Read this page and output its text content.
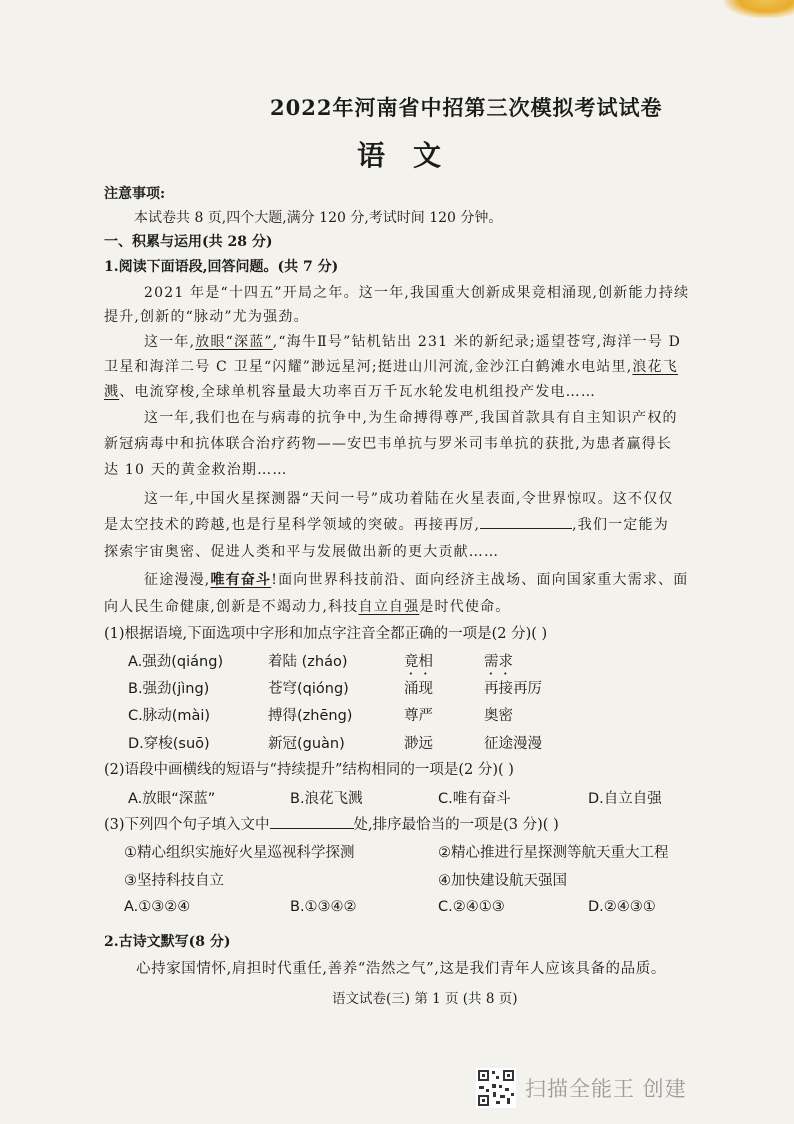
2022年河南省中招第三次模拟考试试卷
语文
注意事项:
本试卷共 8 页,四个大题,满分 120 分,考试时间 120 分钟。
一、积累与运用(共 28 分)
1.阅读下面语段,回答问题。(共 7 分)
2021 年是“十四五”开局之年。这一年,我国重大创新成果竞相涌现,创新能力持续
提升,创新的“脉动”尤为强劲。
这一年,放眼“深蓝”,“海牛Ⅱ号”钻机钻出 231 米的新纪录;遥望苍穹,海洋一号 D
卫星和海洋二号 C 卫星“闪耀”渺远星河;挺进山川河流,金沙江白鹤滩水电站里,浪花飞
溅、电流穿梭,全球单机容量最大功率百万千瓦水轮发电机组投产发电……
这一年,我们也在与病毒的抗争中,为生命搏得尊严,我国首款具有自主知识产权的
新冠病毒中和抗体联合治疗药物——安巴韦单抗与罗米司韦单抗的获批,为患者赢得长
达 10 天的黄金救治期……
这一年,中国火星探测器“天问一号”成功着陆在火星表面,令世界惊叹。这不仅仅
是太空技术的跨越,也是行星科学领域的突破。再接再厉,	,我们一定能为
探索宇宙奥密、促进人类和平与发展做出新的更大贡献……
征途漫漫,唯有奋斗!面向世界科技前沿、面向经济主战场、面向国家重大需求、面
向人民生命健康,创新是不竭动力,科技自立自强是时代使命。
(1)根据语境,下面选项中字形和加点字注音全都正确的一项是(2 分)( )
A.强劲(qiáng)	着陆 (zháo)	竟相	需求
B.强劲(jìng)	苍穹(qióng)	涌现	再接再厉
C.脉动(mài)	搏得(zhēng)	尊严	奥密
D.穿梭(suō)	新冠(guàn)	渺远	征途漫漫
(2)语段中画横线的短语与“持续提升”结构相同的一项是(2 分)( )
A.放眼“深蓝”	B.浪花飞溅	C.唯有奋斗	D.自立自强
(3)下列四个句子填入文中	处,排序最恰当的一项是(3 分)( )
①精心组织实施好火星巡视科学探测	②精心推进行星探测等航天重大工程
③坚持科技自立	④加快建设航天强国
A.①③②④	B.①③④②	C.②④①③	D.②④③①
2.古诗文默写(8 分)
心持家国情怀,肩担时代重任,善养“浩然之气”,这是我们青年人应该具备的品质。
语文试卷(三) 第 1 页 (共 8 页)
扫描全能王 创建
